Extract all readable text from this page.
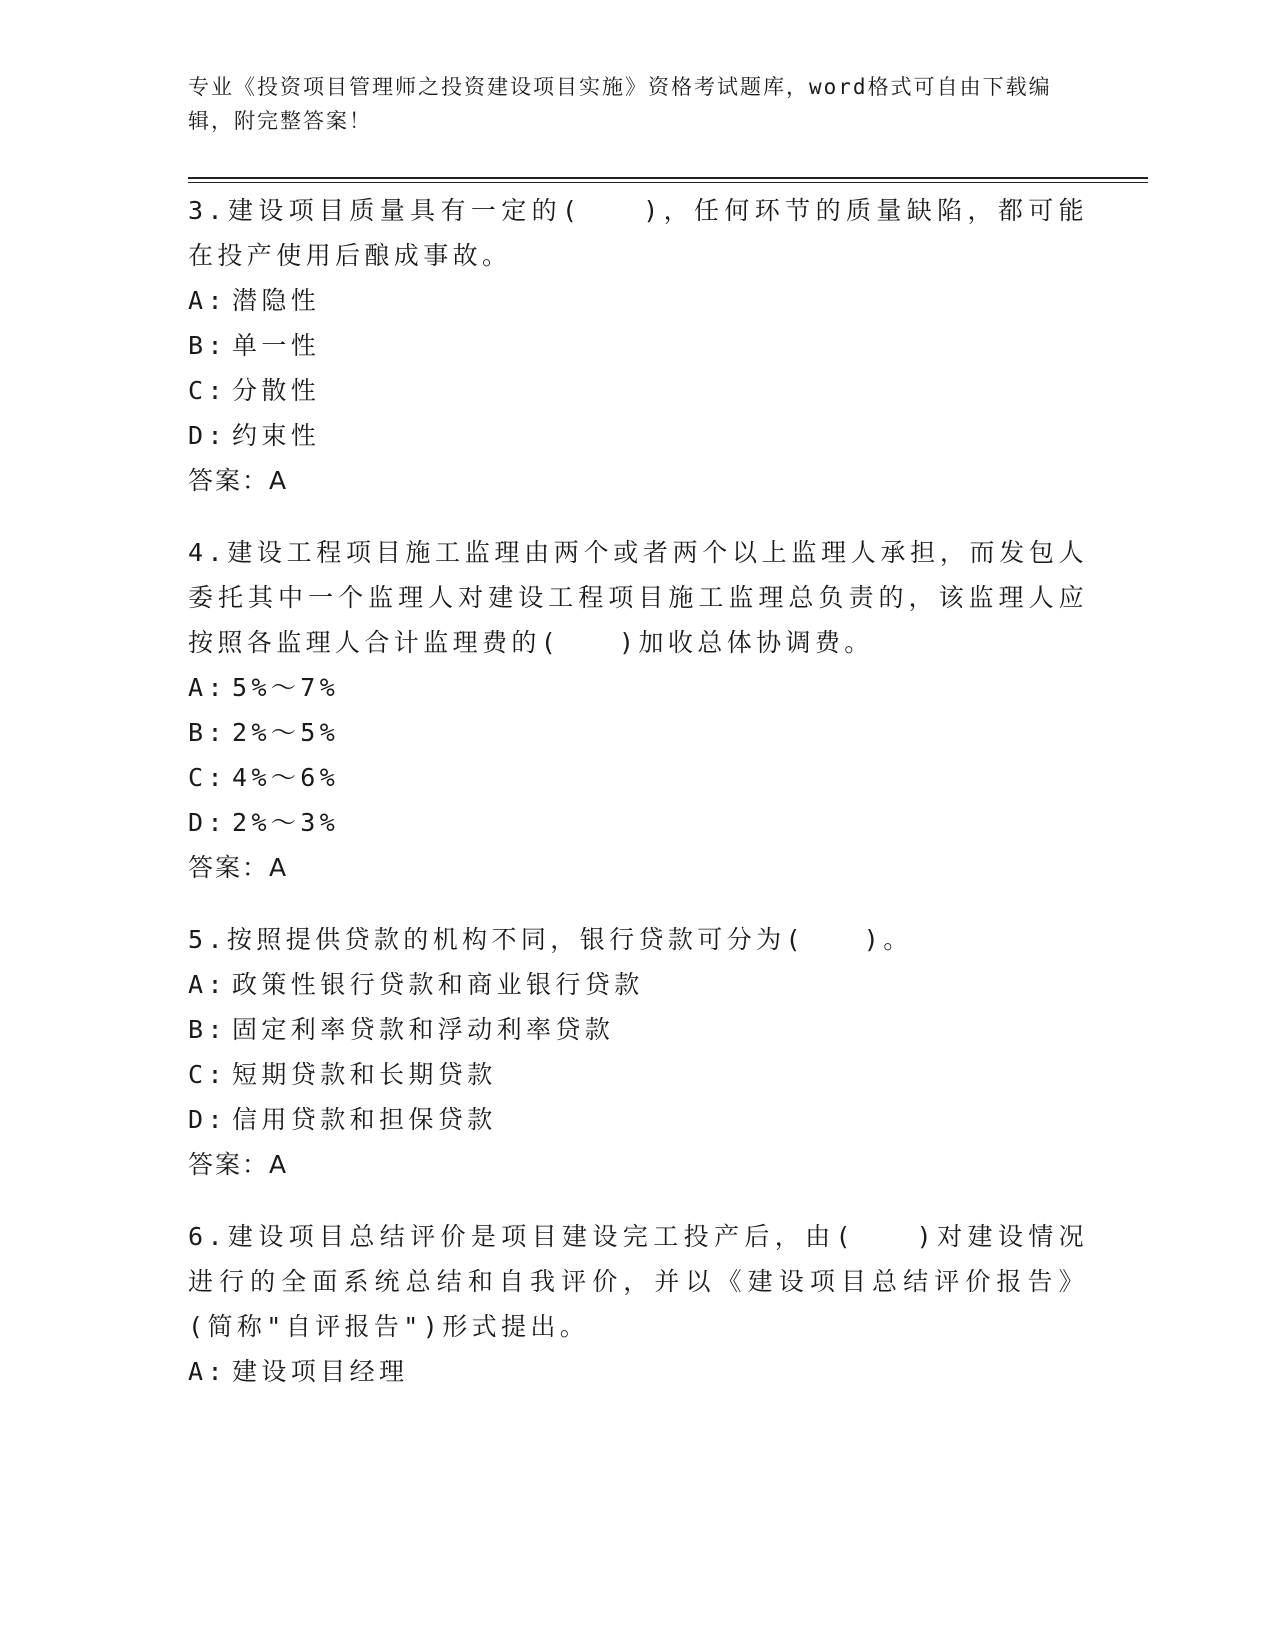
专业《投资项目管理师之投资建设项目实施》资格考试题库，word格式可自由下载编辑，附完整答案！

3.建设项目质量具有一定的(　　)，任何环节的质量缺陷，都可能在投产使用后酿成事故。

A: 潜隐性

B: 单一性

C: 分散性

D: 约束性

答案：A

4.建设工程项目施工监理由两个或者两个以上监理人承担，而发包人委托其中一个监理人对建设工程项目施工监理总负责的，该监理人应按照各监理人合计监理费的(　　)加收总体协调费。

A: 5%～7%

B: 2%～5%

C: 4%～6%

D: 2%～3%

答案：A

5.按照提供贷款的机构不同，银行贷款可分为(　　)。

A: 政策性银行贷款和商业银行贷款

B: 固定利率贷款和浮动利率贷款

C: 短期贷款和长期贷款

D: 信用贷款和担保贷款

答案：A

6.建设项目总结评价是项目建设完工投产后，由(　　)对建设情况进行的全面系统总结和自我评价，并以《建设项目总结评价报告》(简称"自评报告")形式提出。

A: 建设项目经理
